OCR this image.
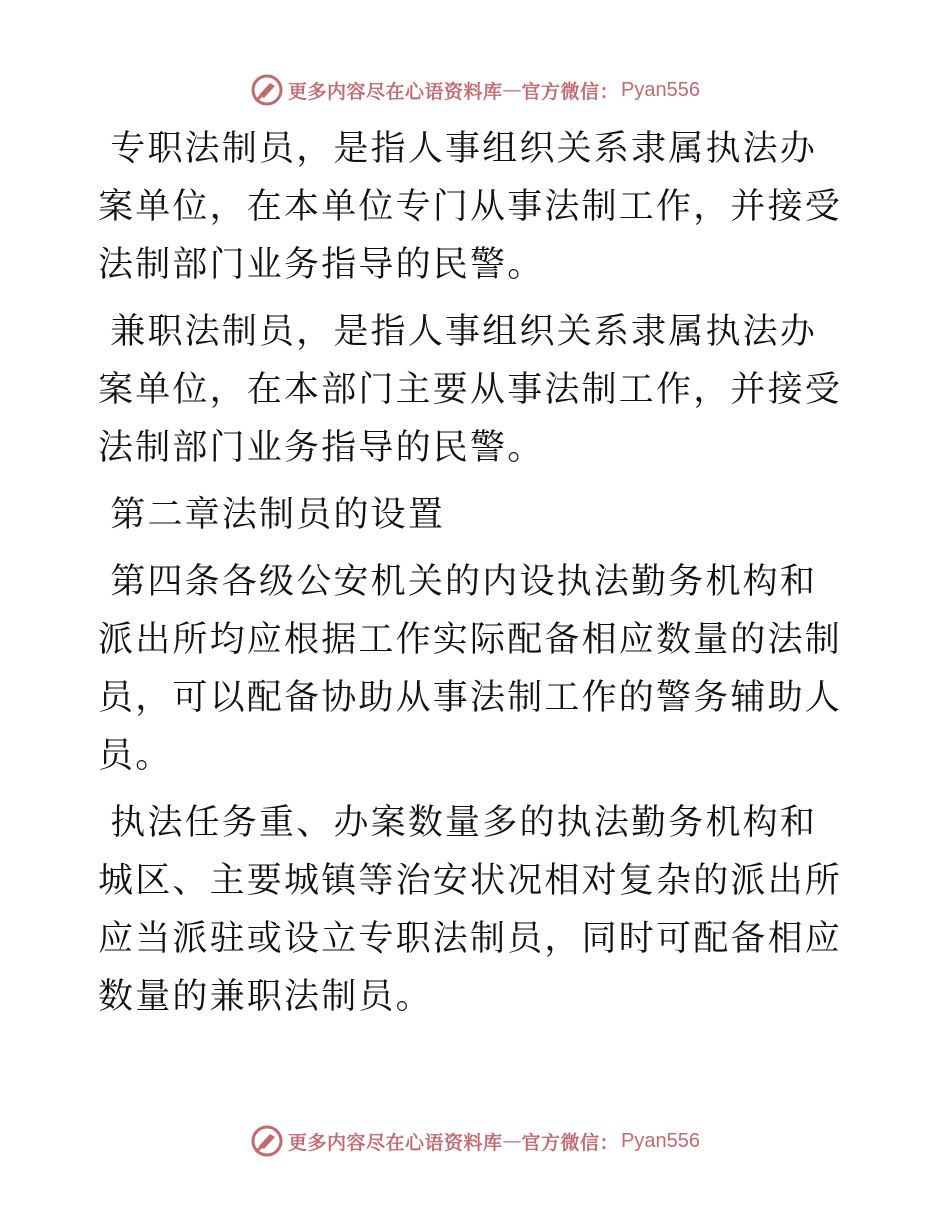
更多内容尽在心语资料库 — 官方微信： Pyan556

专职法制员，是指人事组织关系隶属执法办案单位，在本单位专门从事法制工作，并接受法制部门业务指导的民警。

兼职法制员，是指人事组织关系隶属执法办案单位，在本部门主要从事法制工作，并接受法制部门业务指导的民警。

第二章法制员的设置

第四条各级公安机关的内设执法勤务机构和派出所均应根据工作实际配备相应数量的法制员，可以配备协助从事法制工作的警务辅助人员。

执法任务重、办案数量多的执法勤务机构和城区、主要城镇等治安状况相对复杂的派出所应当派驻或设立专职法制员，同时可配备相应数量的兼职法制员。

更多内容尽在心语资料库 — 官方微信： Pyan556
